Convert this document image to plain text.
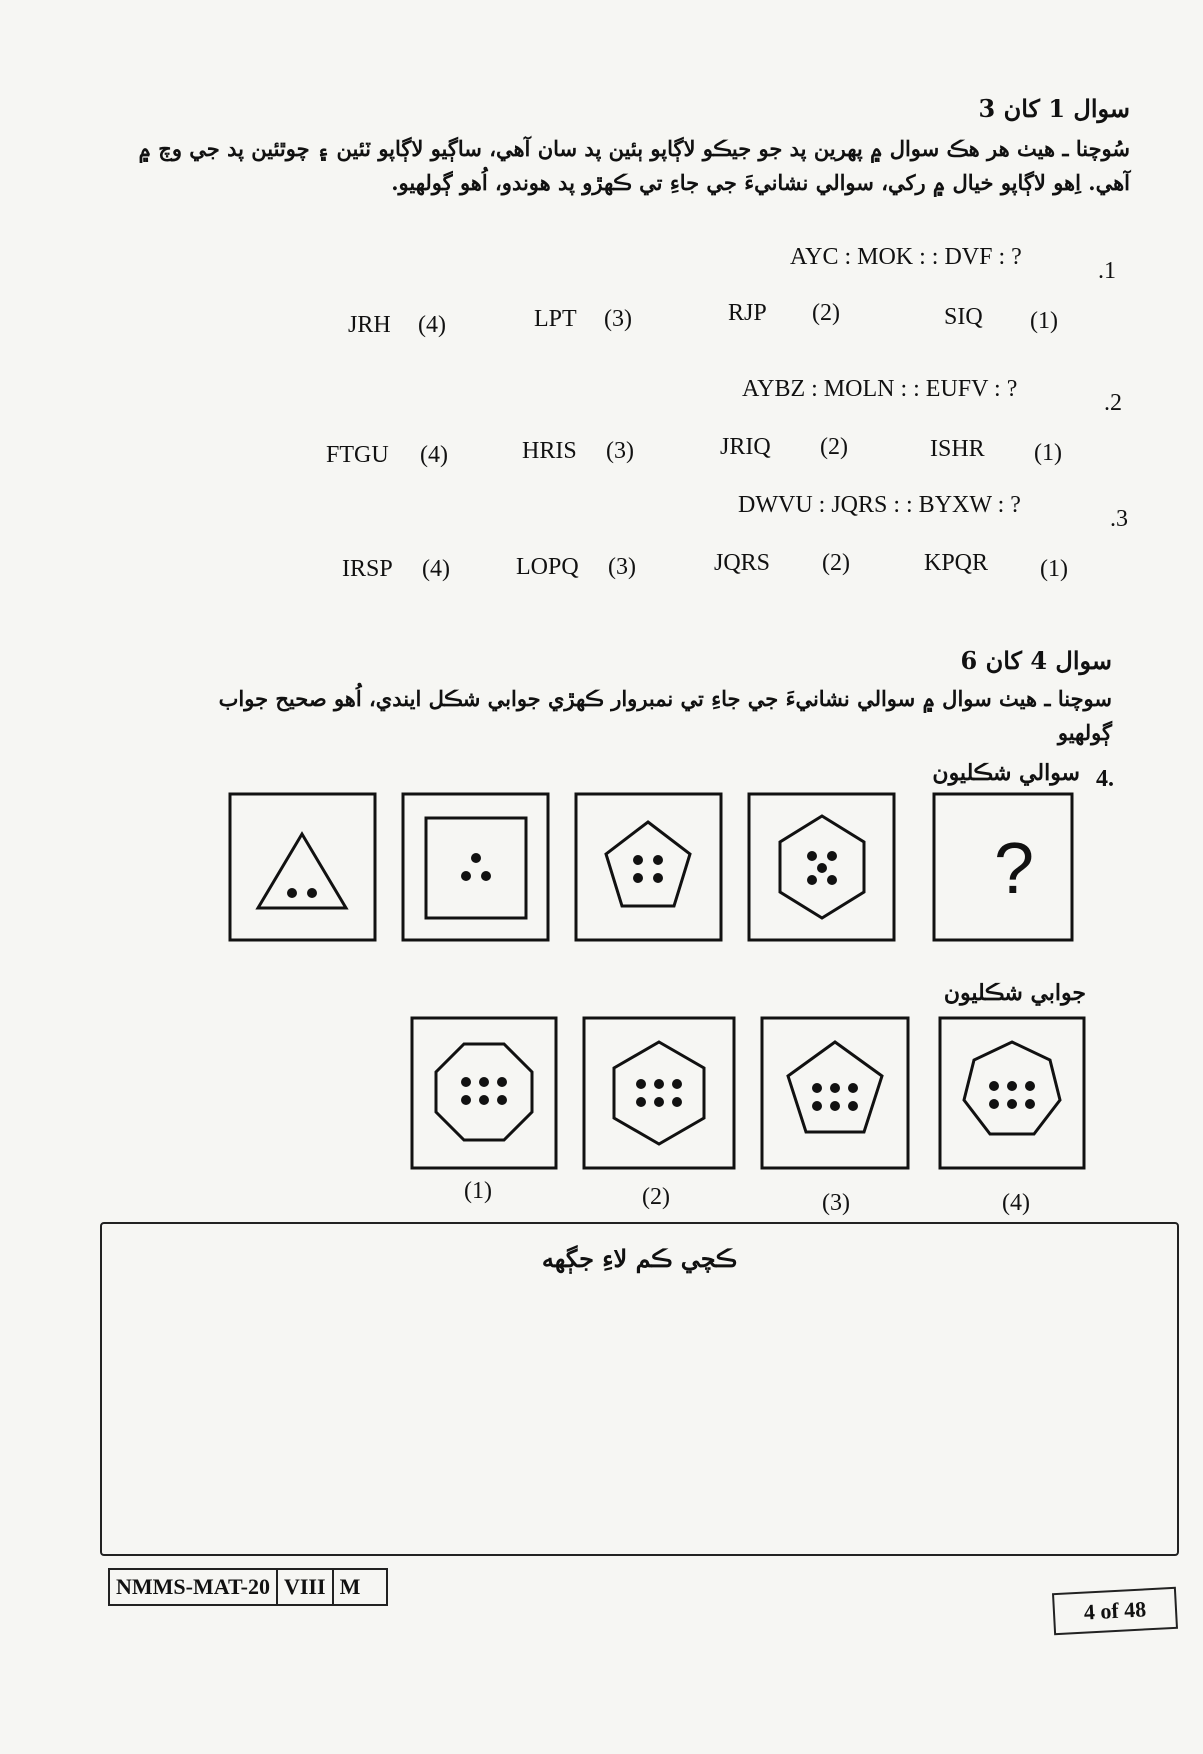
سوال 1 کان 3
سُوچنا ـ هيٺ هر هڪ سوال ۾ پهرين پد جو جيڪو لاڳاپو ٻئين پد سان آهي، ساڳيو لاڳاپو ٽئين ۽ چوٿئين پد جي وچ ۾ آهي. اِهو لاڳاپو خيال ۾ رکي، سوالي نشانيءَ جي جاءِ تي ڪهڙو پد هوندو، اُهو ڳولهيو.
.1
AYC : MOK : : DVF : ?
SIQ (1)
RJP (2)
LPT (3)
JRH (4)
.2
AYBZ : MOLN : : EUFV : ?
ISHR (1)
JRIQ (2)
HRIS (3)
FTGU (4)
.3
DWVU : JQRS : : BYXW : ?
KPQR (1)
JQRS (2)
LOPQ (3)
IRSP (4)
سوال 4 کان 6
سوچنا ـ هيٺ سوال ۾ سوالي نشانيءَ جي جاءِ تي نمبروار ڪهڙي جوابي شڪل ايندي، اُهو صحيح جواب ڳولهيو
4.
سوالي شڪليون
?
جوابي شڪليون
(1)	(2)	(3)	(4)
ڪچي ڪم لاءِ جڳهه
NMMS-MAT-20 VIII M
4 of 48
